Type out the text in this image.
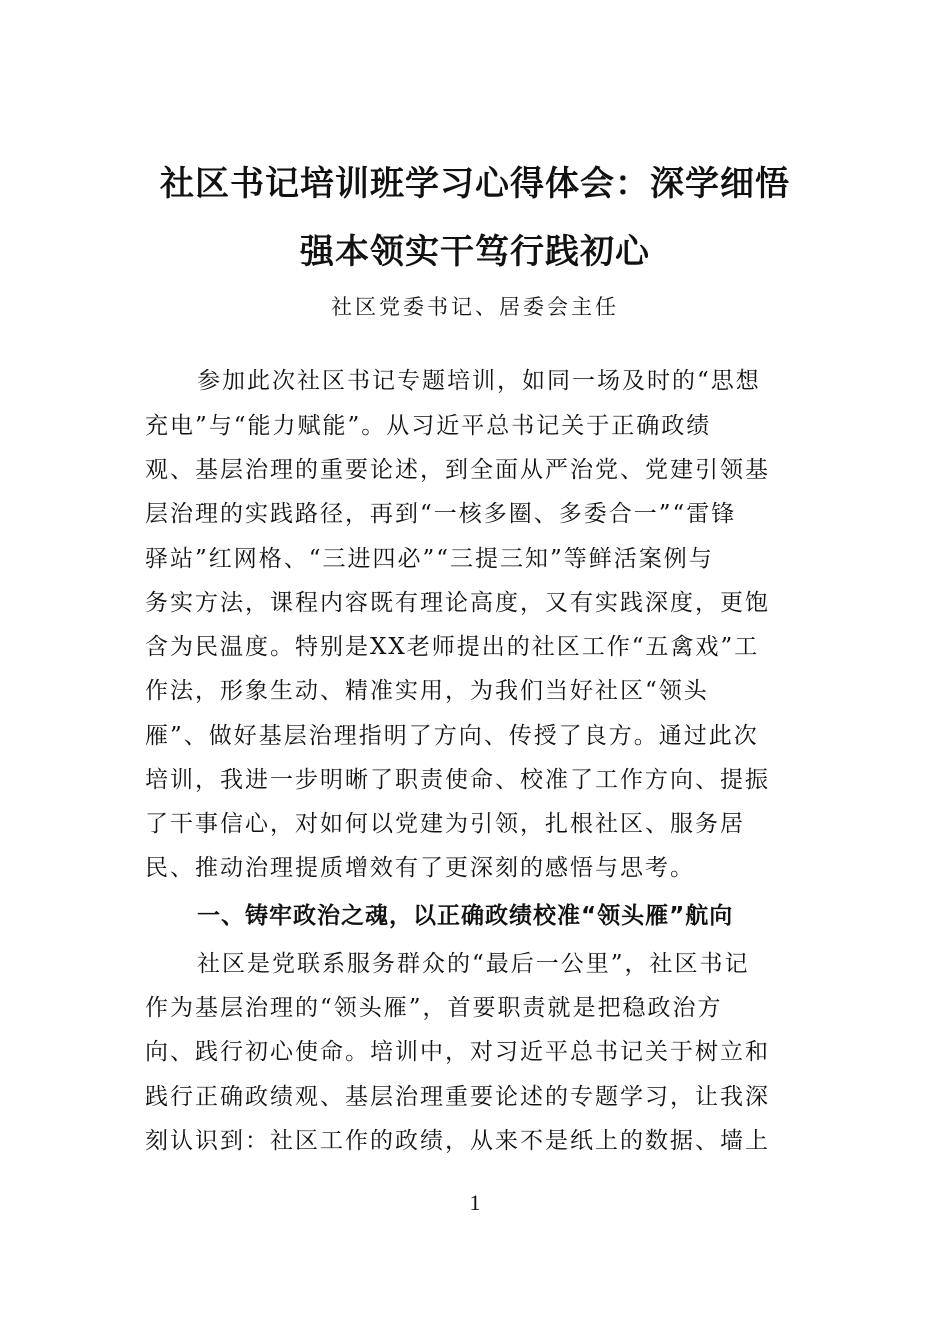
社区书记培训班学习心得体会：深学细悟
强本领实干笃行践初心
社区党委书记、居委会主任
参加此次社区书记专题培训，如同一场及时的“思想
充电”与“能力赋能”。从习近平总书记关于正确政绩
观、基层治理的重要论述，到全面从严治党、党建引领基
层治理的实践路径，再到“一核多圈、多委合一”“雷锋
驿站”红网格、“三进四必”“三提三知”等鲜活案例与
务实方法，课程内容既有理论高度，又有实践深度，更饱
含为民温度。特别是XX老师提出的社区工作“五禽戏”工
作法，形象生动、精准实用，为我们当好社区“领头
雁”、做好基层治理指明了方向、传授了良方。通过此次
培训，我进一步明晰了职责使命、校准了工作方向、提振
了干事信心，对如何以党建为引领，扎根社区、服务居
民、推动治理提质增效有了更深刻的感悟与思考。
一、铸牢政治之魂，以正确政绩校准“领头雁”航向
社区是党联系服务群众的“最后一公里”，社区书记
作为基层治理的“领头雁”，首要职责就是把稳政治方
向、践行初心使命。培训中，对习近平总书记关于树立和
践行正确政绩观、基层治理重要论述的专题学习，让我深
刻认识到：社区工作的政绩，从来不是纸上的数据、墙上
1
